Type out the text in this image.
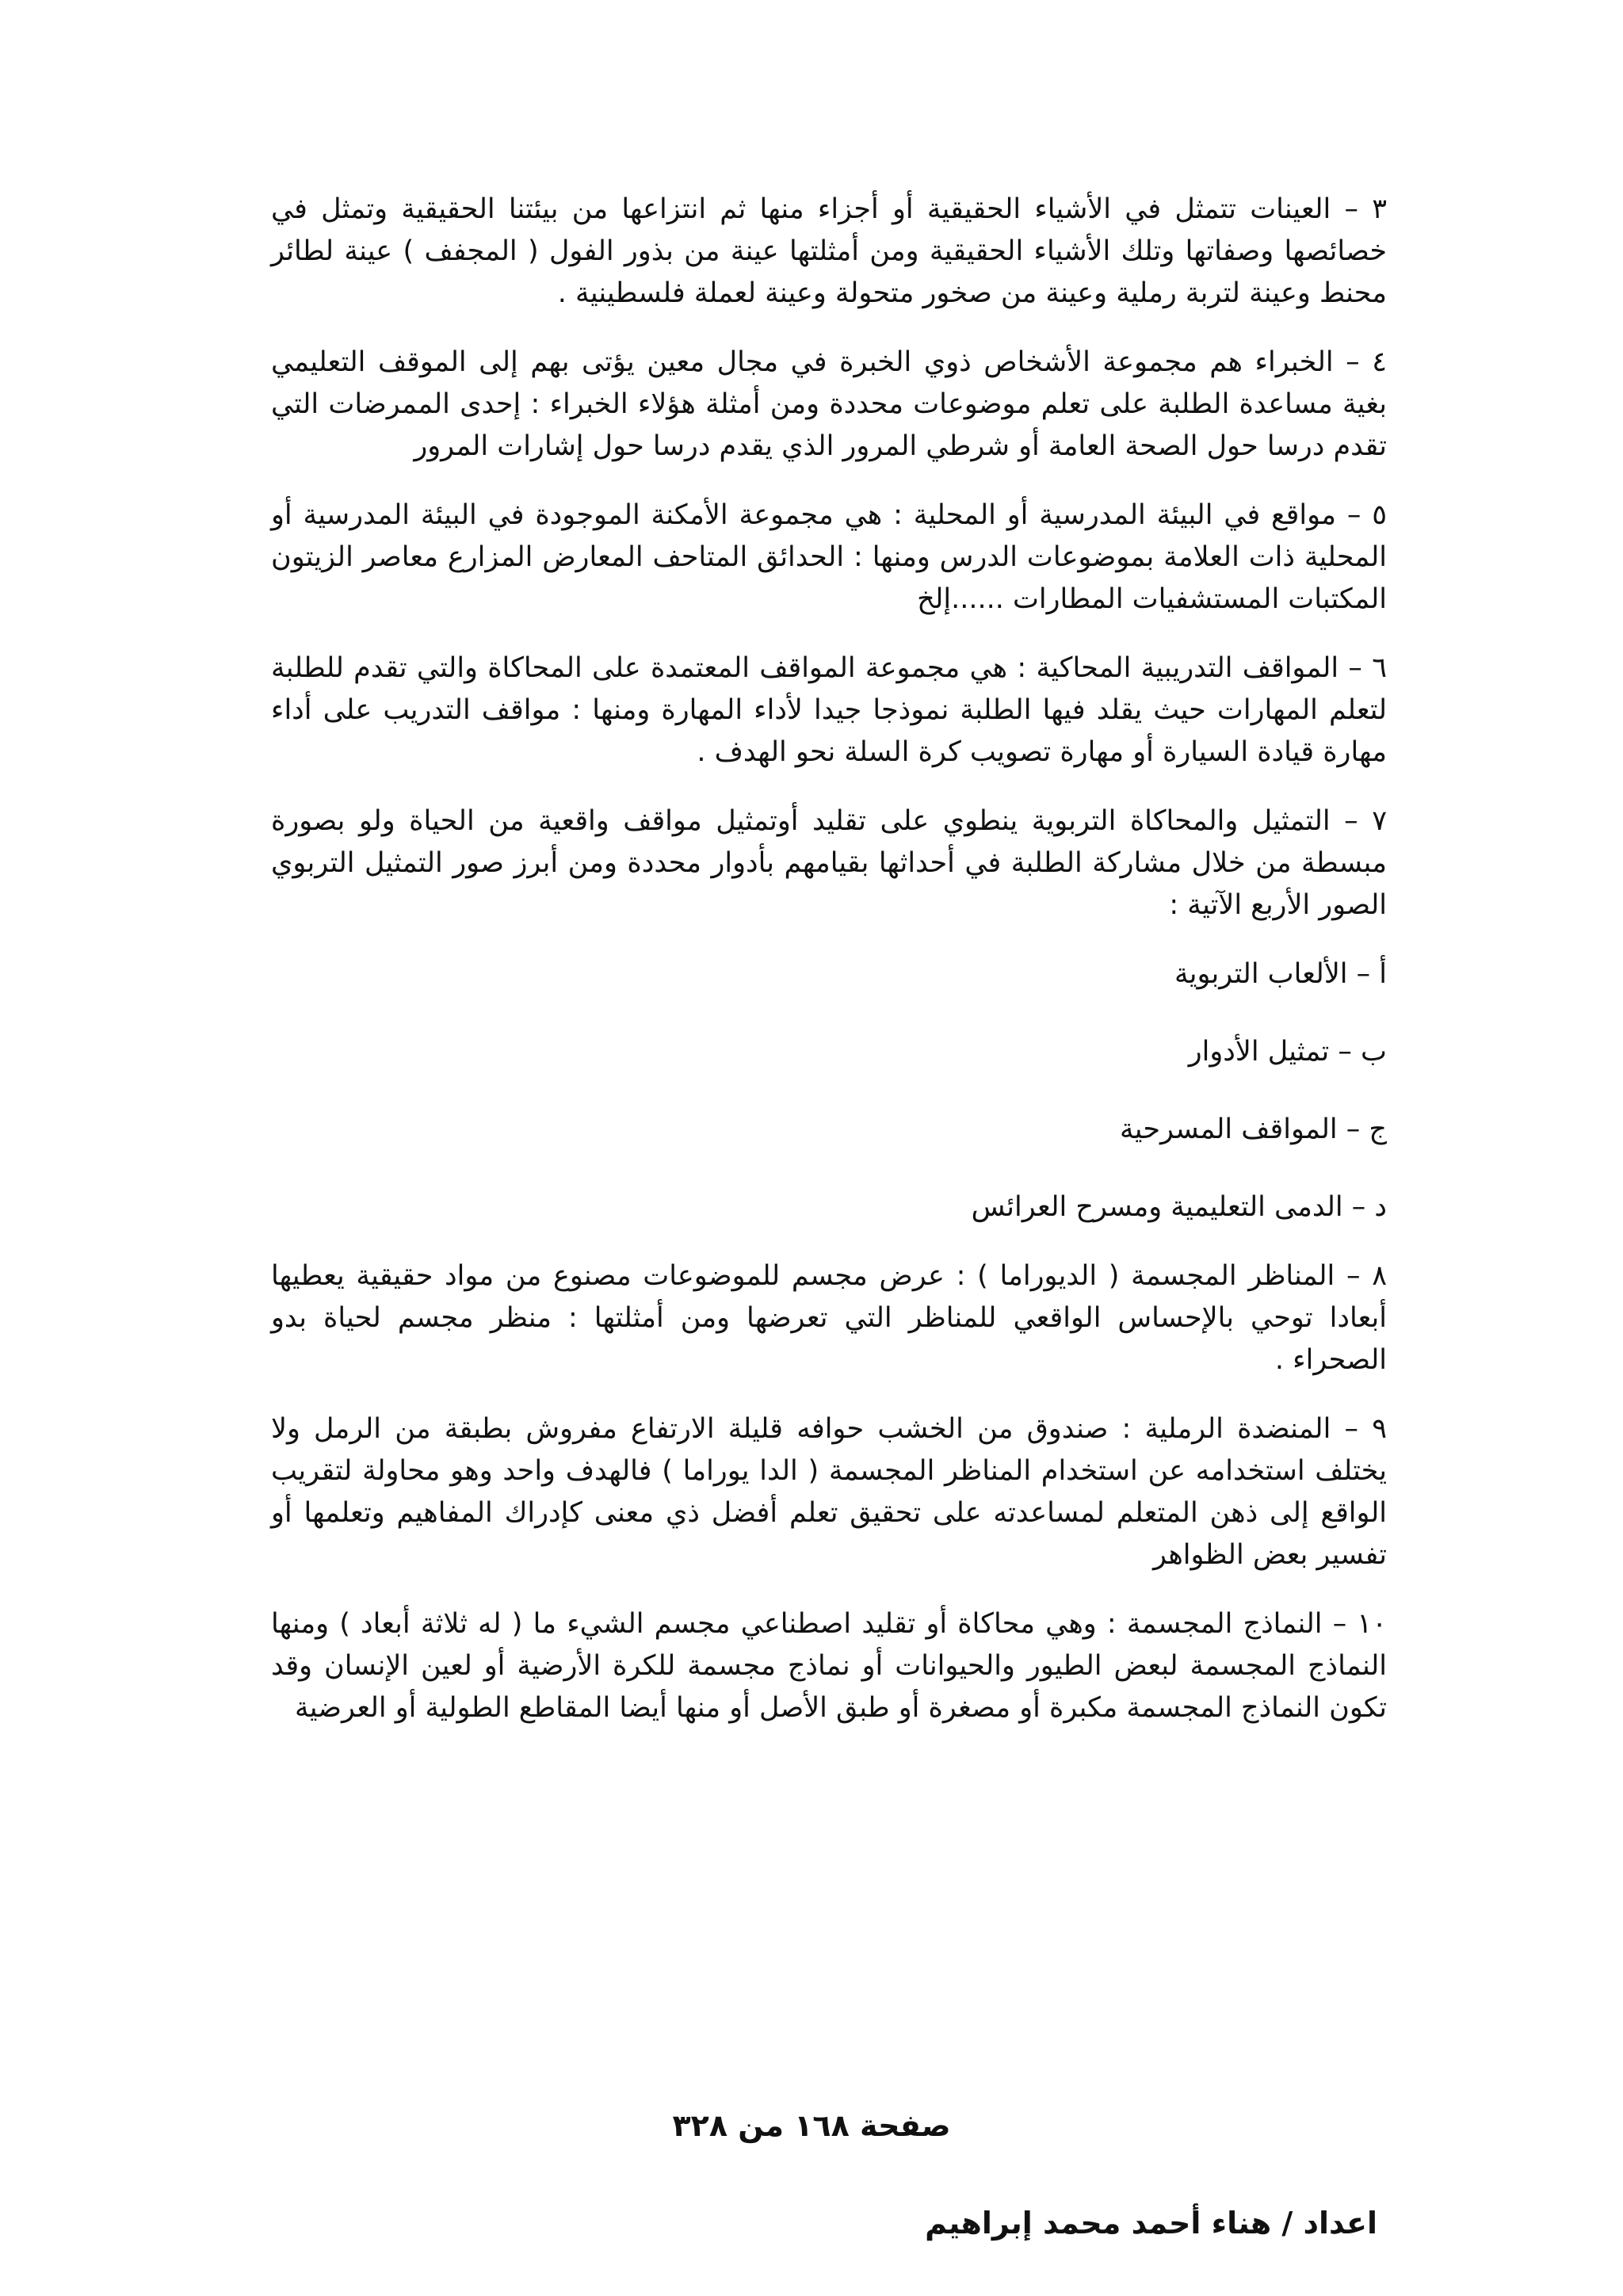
٣ – العينات تتمثل في الأشياء الحقيقية أو أجزاء منها ثم انتزاعها من بيئتنا الحقيقية وتمثل في خصائصها وصفاتها وتلك الأشياء الحقيقية ومن أمثلتها عينة من بذور الفول ( المجفف ) عينة لطائر محنط وعينة لتربة رملية وعينة من صخور متحولة وعينة لعملة فلسطينية .

٤ – الخبراء هم مجموعة الأشخاص ذوي الخبرة في مجال معين يؤتى بهم إلى الموقف التعليمي بغية مساعدة الطلبة على تعلم موضوعات محددة ومن أمثلة هؤلاء الخبراء : إحدى الممرضات التي تقدم درسا حول الصحة العامة أو شرطي المرور الذي يقدم درسا حول إشارات المرور

٥ – مواقع في البيئة المدرسية أو المحلية : هي مجموعة الأمكنة الموجودة في البيئة المدرسية أو المحلية ذات العلامة بموضوعات الدرس ومنها : الحدائق المتاحف المعارض المزارع معاصر الزيتون المكتبات المستشفيات المطارات ......إلخ

٦ – المواقف التدريبية المحاكية : هي مجموعة المواقف المعتمدة على المحاكاة والتي تقدم للطلبة لتعلم المهارات حيث يقلد فيها الطلبة نموذجا جيدا لأداء المهارة ومنها : مواقف التدريب على أداء مهارة قيادة السيارة أو مهارة تصويب كرة السلة نحو الهدف .

٧ – التمثيل والمحاكاة التربوية ينطوي على تقليد أوتمثيل مواقف واقعية من الحياة ولو بصورة مبسطة من خلال مشاركة الطلبة في أحداثها بقيامهم بأدوار محددة ومن أبرز صور التمثيل التربوي الصور الأربع الآتية :

أ – الألعاب التربوية

ب – تمثيل الأدوار

ج – المواقف المسرحية

د – الدمى التعليمية ومسرح العرائس

٨ – المناظر المجسمة ( الديوراما ) : عرض مجسم للموضوعات مصنوع من مواد حقيقية يعطيها أبعادا توحي بالإحساس الواقعي للمناظر التي تعرضها ومن أمثلتها : منظر مجسم لحياة بدو الصحراء .

٩ – المنضدة الرملية : صندوق من الخشب حوافه قليلة الارتفاع مفروش بطبقة من الرمل ولا يختلف استخدامه عن استخدام المناظر المجسمة ( الدا يوراما ) فالهدف واحد وهو محاولة لتقريب الواقع إلى ذهن المتعلم لمساعدته على تحقيق تعلم أفضل ذي معنى كإدراك المفاهيم وتعلمها أو تفسير بعض الظواهر

١٠ – النماذج المجسمة : وهي محاكاة أو تقليد اصطناعي مجسم الشيء ما ( له ثلاثة أبعاد ) ومنها النماذج المجسمة لبعض الطيور والحيوانات أو نماذج مجسمة للكرة الأرضية أو لعين الإنسان وقد تكون النماذج المجسمة مكبرة أو مصغرة أو طبق الأصل أو منها أيضا المقاطع الطولية أو العرضية

صفحة ١٦٨ من ٣٢٨
اعداد / هناء أحمد محمد إبراهيم
